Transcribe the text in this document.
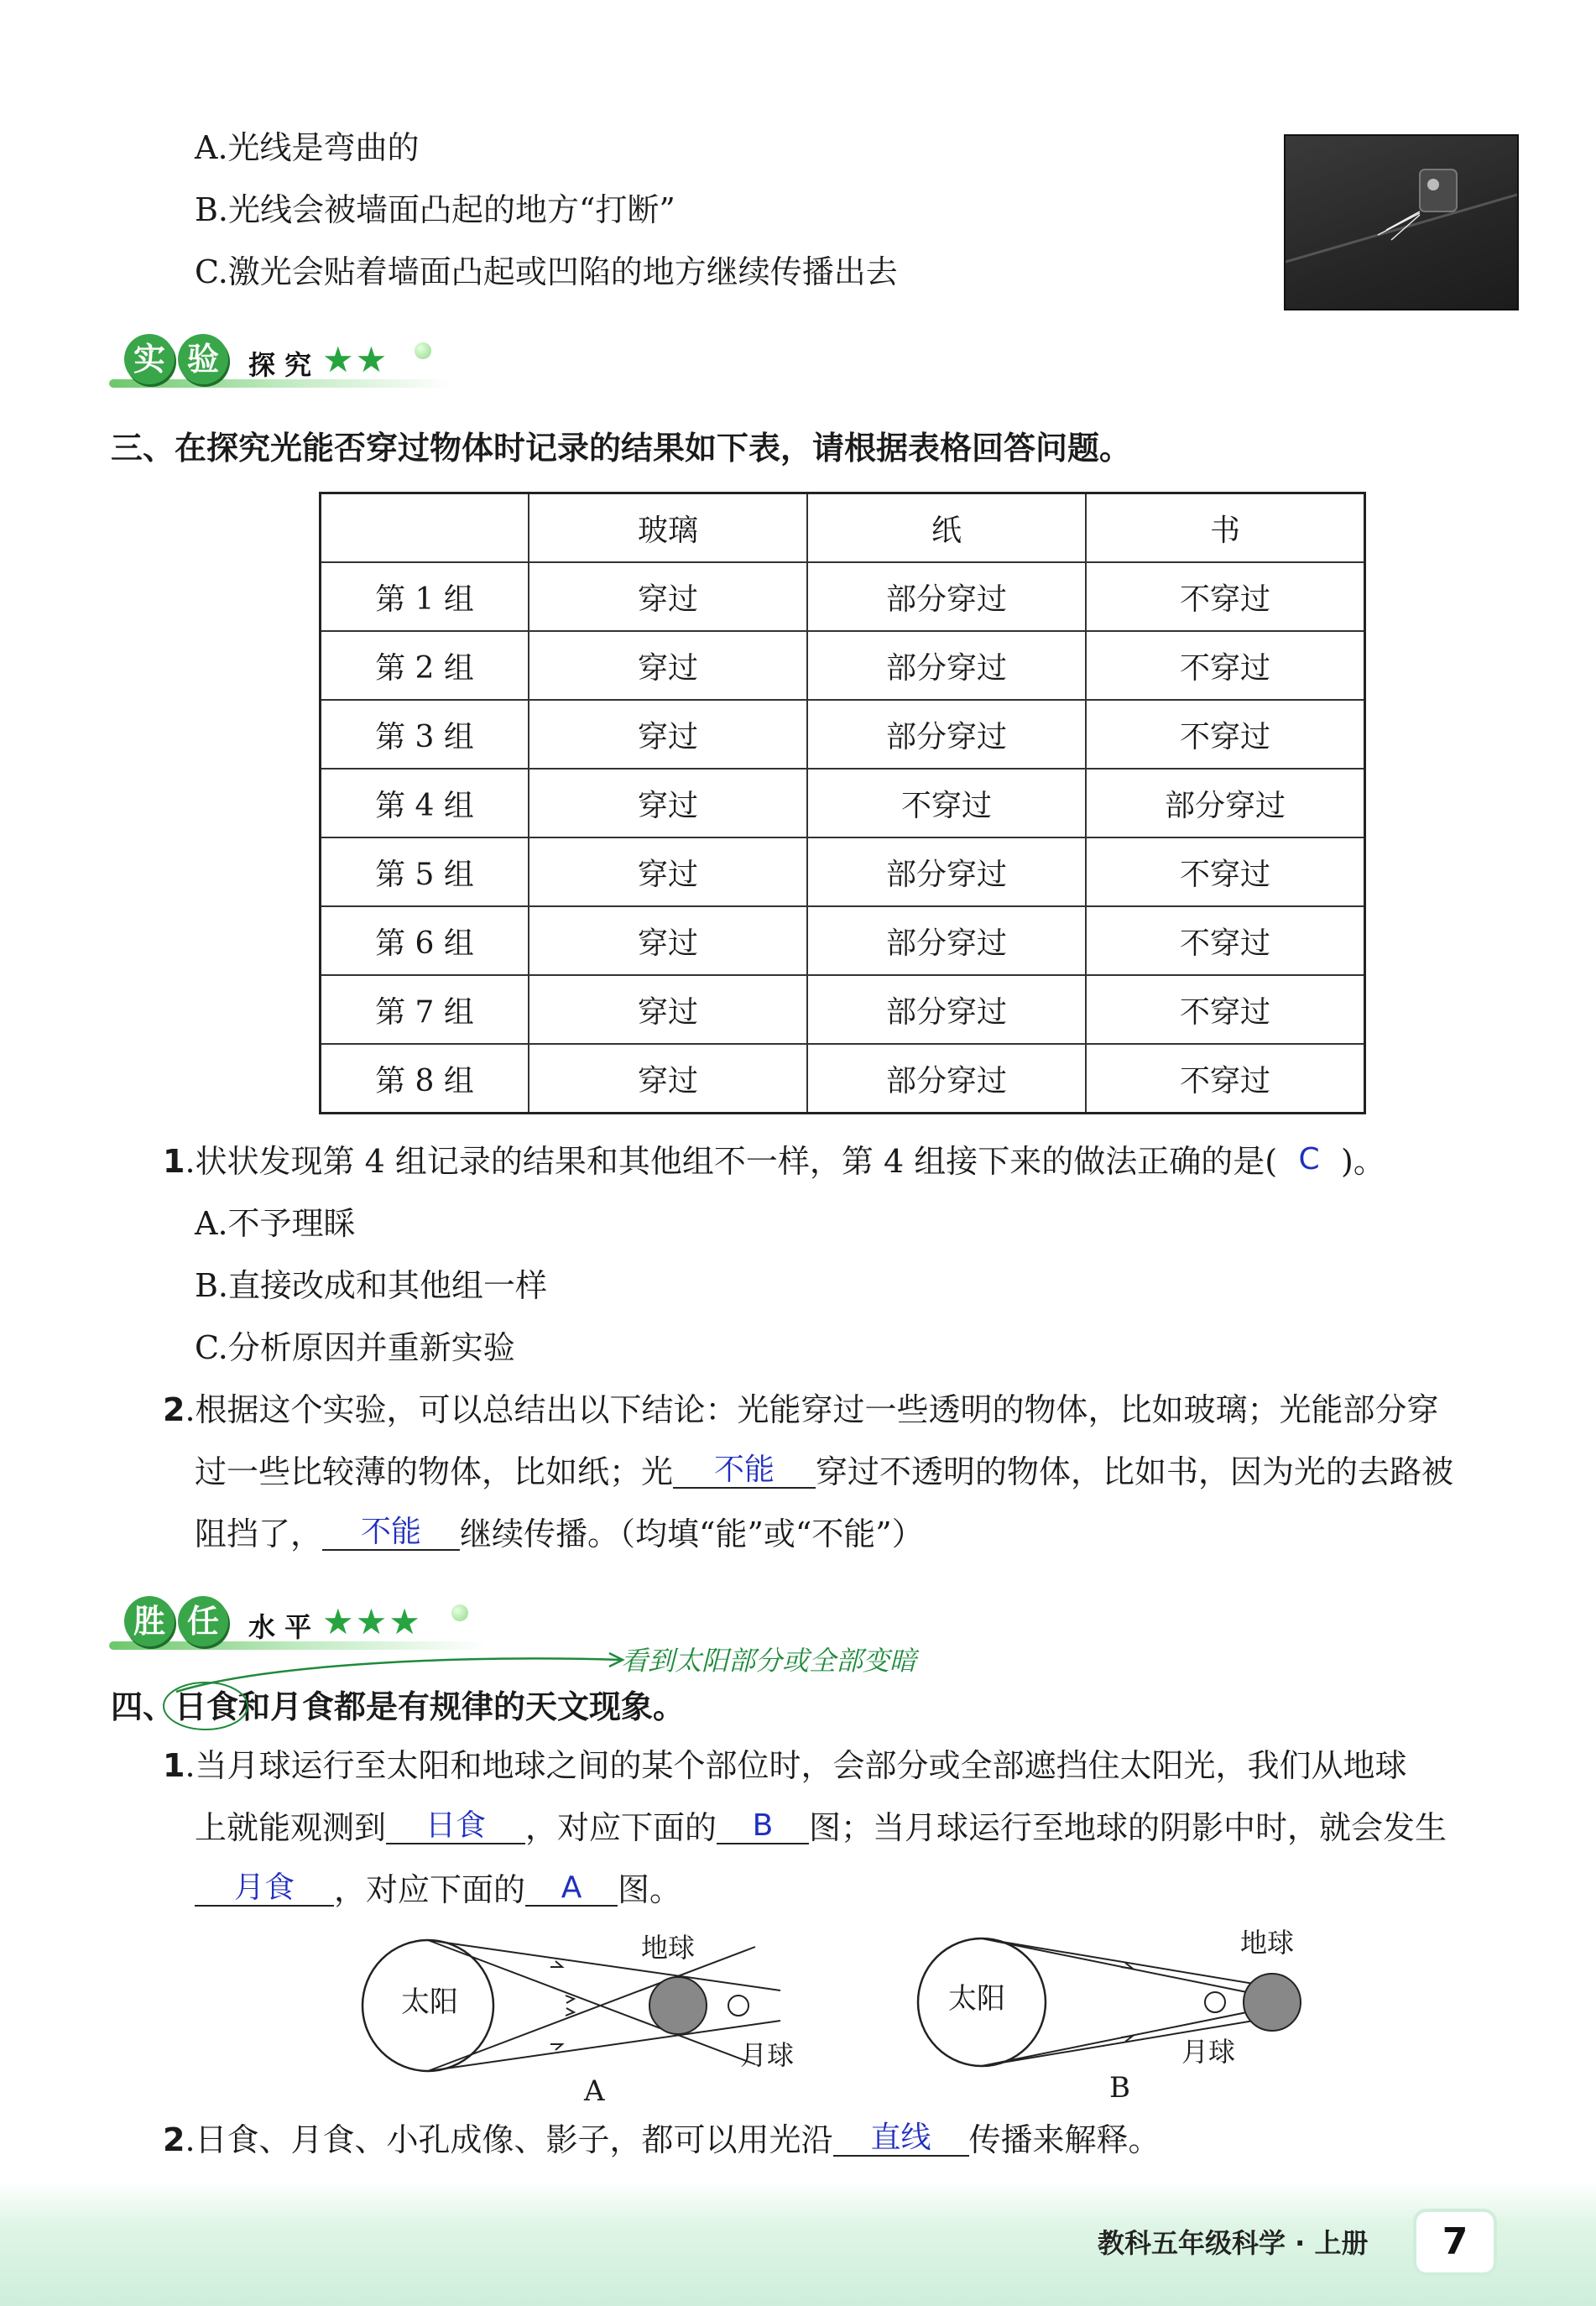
A.光线是弯曲的
B.光线会被墙面凸起的地方“打断”
C.激光会贴着墙面凸起或凹陷的地方继续传播出去
实 验	探 究 ★★
三、在探究光能否穿过物体时记录的结果如下表，请根据表格回答问题。
	玻璃	纸	书
第 1 组	穿过	部分穿过	不穿过
第 2 组	穿过	部分穿过	不穿过
第 3 组	穿过	部分穿过	不穿过
第 4 组	穿过	不穿过	部分穿过
第 5 组	穿过	部分穿过	不穿过
第 6 组	穿过	部分穿过	不穿过
第 7 组	穿过	部分穿过	不穿过
第 8 组	穿过	部分穿过	不穿过
1.状状发现第 4 组记录的结果和其他组不一样，第 4 组接下来的做法正确的是( C )。
A.不予理睬
B.直接改成和其他组一样
C.分析原因并重新实验
2.根据这个实验，可以总结出以下结论：光能穿过一些透明的物体，比如玻璃；光能部分穿
过一些比较薄的物体，比如纸；光 不能 穿过不透明的物体，比如书，因为光的去路被
阻挡了， 不能 继续传播。（均填“能”或“不能”）
胜 任	水 平 ★★★
看到太阳部分或全部变暗
四、日食和月食都是有规律的天文现象。
1.当月球运行至太阳和地球之间的某个部位时，会部分或全部遮挡住太阳光，我们从地球
上就能观测到 日食 ，对应下面的 B 图；当月球运行至地球的阴影中时，就会发生
月食 ，对应下面的 A 图。
太阳
地球
月球
A
太阳
地球
月球
B
2.日食、月食、小孔成像、影子，都可以用光沿 直线 传播来解释。
教科五年级科学 · 上册	7
